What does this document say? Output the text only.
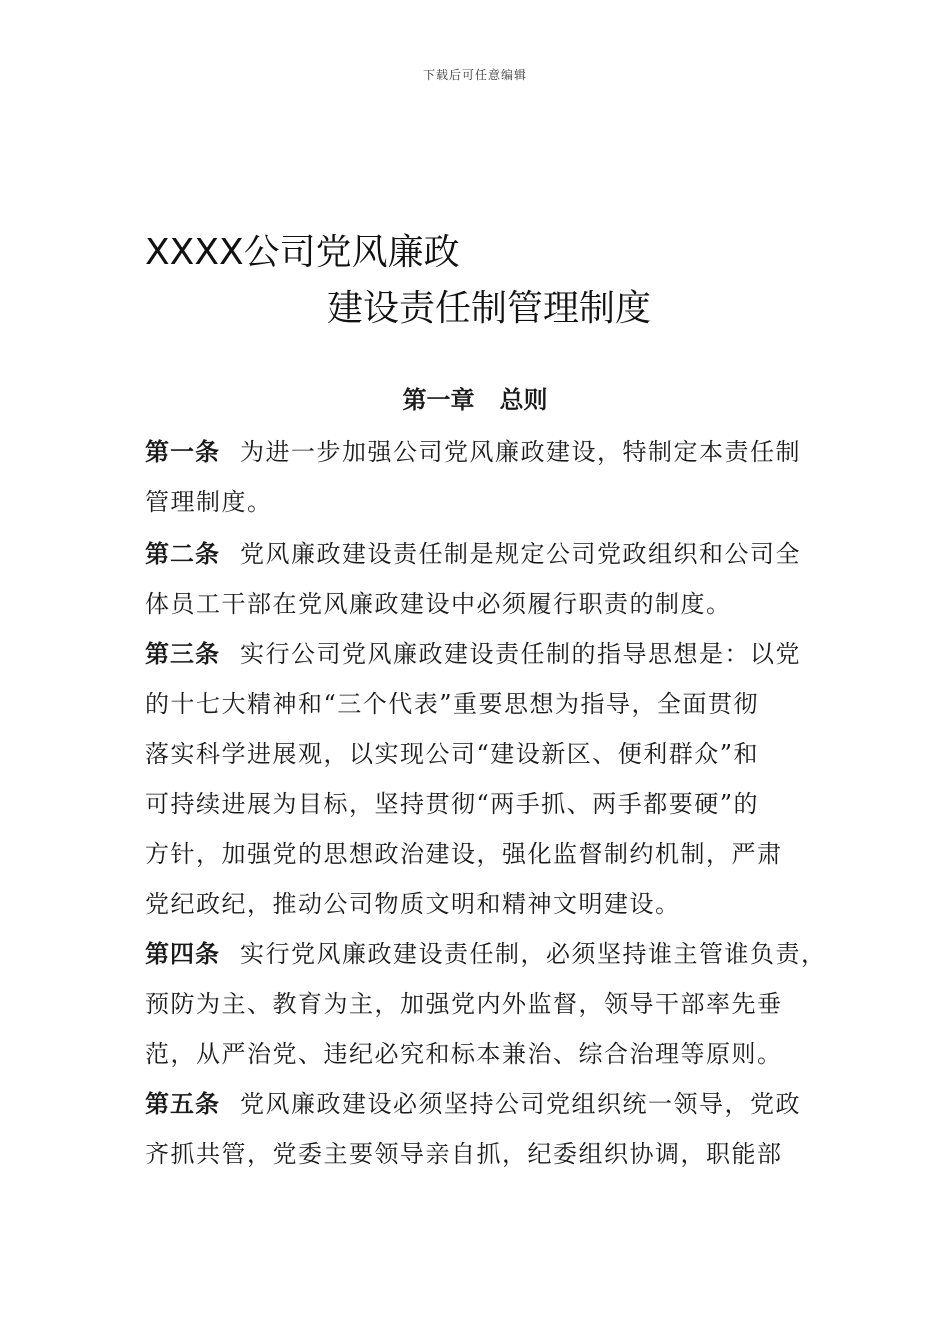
下载后可任意编辑
XXXX公司党风廉政
建设责任制管理制度
第一章   总则
第一条 为进一步加强公司党风廉政建设，特制定本责任制
管理制度。
第二条 党风廉政建设责任制是规定公司党政组织和公司全
体员工干部在党风廉政建设中必须履行职责的制度。
第三条 实行公司党风廉政建设责任制的指导思想是：以党
的十七大精神和“三个代表”重要思想为指导，全面贯彻
落实科学进展观，以实现公司“建设新区、便利群众”和
可持续进展为目标，坚持贯彻“两手抓、两手都要硬”的
方针，加强党的思想政治建设，强化监督制约机制，严肃
党纪政纪，推动公司物质文明和精神文明建设。
第四条 实行党风廉政建设责任制，必须坚持谁主管谁负责，
预防为主、教育为主，加强党内外监督，领导干部率先垂
范，从严治党、违纪必究和标本兼治、综合治理等原则。
第五条 党风廉政建设必须坚持公司党组织统一领导，党政
齐抓共管，党委主要领导亲自抓，纪委组织协调，职能部
